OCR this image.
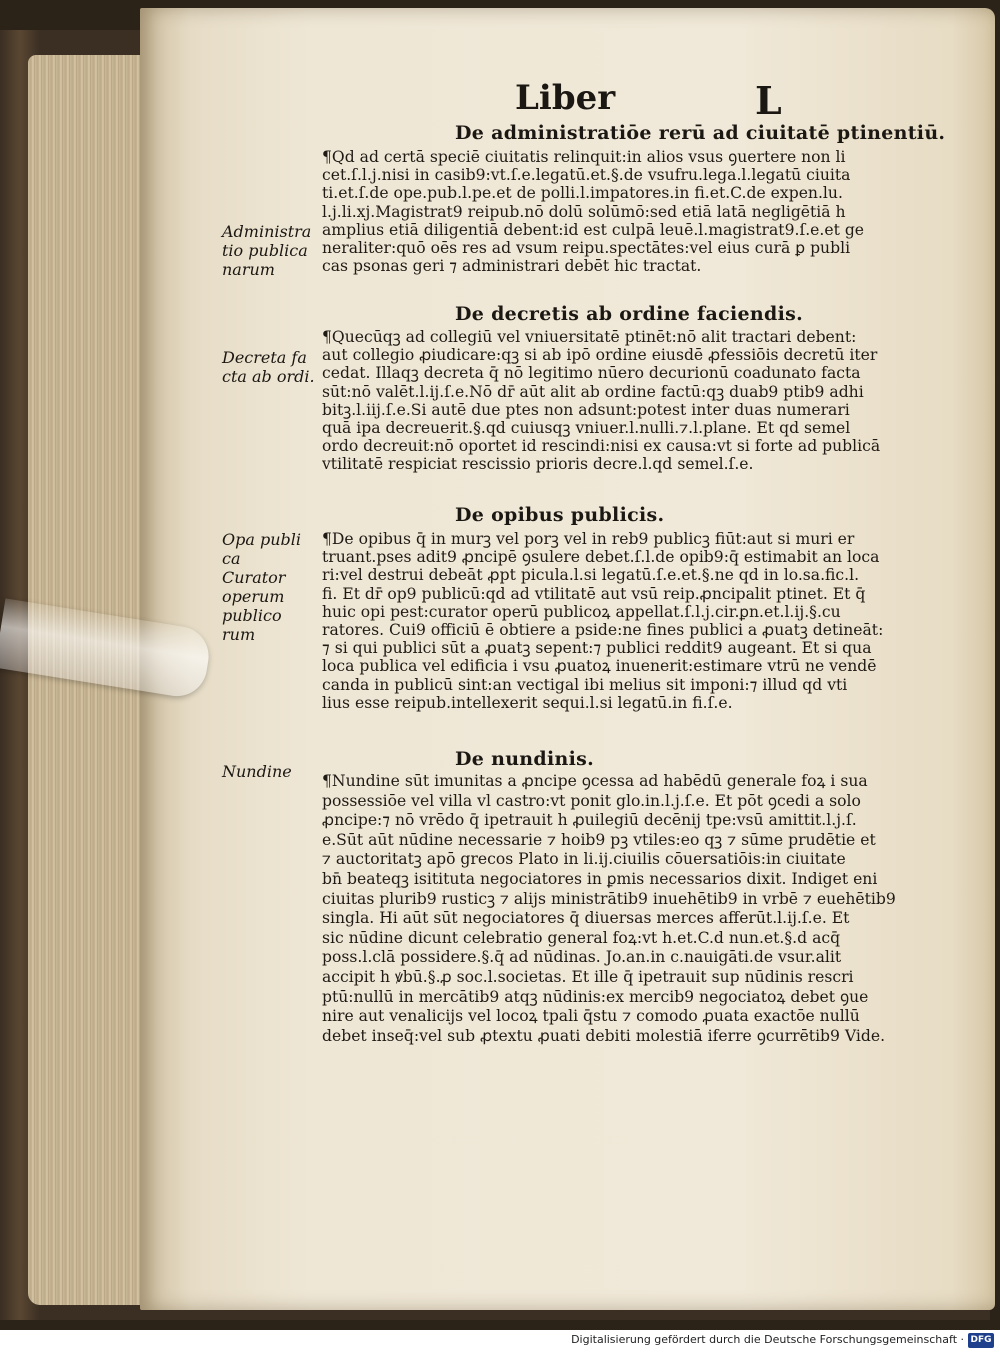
Liber	L
De administratiōe rerū ad ciuitatē ptinentiū.
¶Qd ad certā speciē ciuitatis relinquit̄:in alios vsus ꝯuertere non li
cet.ſ.l.j.nisi in casib9:vt.ſ.e.legatū.et.§.de vsufru.lega.l.legatū ciuita
ti.et.ſ.de ope.pub.l.pe.et de polli.l.impatores.in fi.et.C.de expen.lu.
l.j.li.xj.Magistrat9 reipub.nō dolū solūmō:sed etiā latā negligētiā h̄
amplius etiā diligentiā debent:id est culpā leuē.l.magistrat9.ſ.e.et ge
neraliter:quō oēs res ad vsum reipu.spectātes:vel eius curā ꝑ publi
cas psonas geri ⁊ administrari debēt hic tractat̄.
Administra
tio publica
narum
De decretis ab ordine faciendis.
¶Quecūqꝫ ad collegiū vel vniuersitatē ptinēt:nō alit̄ tractari debent:
aut collegio ꝓiudicare:qꝫ si ab ipō ordine eiusdē ꝓfessiōis decretū iter
cedat. Illaqꝫ decreta q̄ nō legitimo nūero decurionū coadunato facta
sūt:nō valēt.l.ij.ſ.e.Nō dr̄ aūt alit̄ ab ordine factū:qꝫ duab9 ptib9 adhi
bitꝫ.l.iij.ſ.e.Si autē due ptes non adsunt:potest inter duas numerari
quā ipa decreuerit.§.qd cuiusqꝫ vniuer.l.nulli.⁊.l.plane. Et qd semel
ordo decreuit:nō oportet id rescindi:nisi ex causa:vt si forte ad publicā
vtilitatē respiciat rescissio prioris decre.l.qd semel.ſ.e.
Decreta fa
cta ab ordi.
De opibus publicis.
¶De opibus q̄ in murꝫ vel porꝫ vel in reb9 publicꝫ fiūt:aut si muri er
truant̄.pses adit9 ꝓncipē ꝯsulere debet.ſ.l.de opib9:q̄ estimabit an loca
ri:vel destrui debeāt ꝓpt̄ picula.l.si legatū.ſ.e.et.§.ne qd in lo.sa.fic.l.
fi. Et dr̄ op9 publicū:qd ad vtilitatē aut vsū reip.ꝓncipalit̄ ptinet. Et q̄
huic opi pest:curator operū publicoꝝ appellat̄.ſ.l.j.cir.ꝑn.et.l.ij.§.cu
ratores. Cui9 officiū ē obtiere a pside:ne fines publici a ꝓuatꝫ detineāt:
⁊ si qui publici sūt a ꝓuatꝫ sepent̄:⁊ publici reddit9 augeant̄. Et si qua
loca publica vel edificia i vsu ꝓuatoꝝ inuenerit:estimare vtrū ne vendē
canda in publicū sint:an vectigal ibi melius sit imponi:⁊ illud qd vti
lius esse reipub.intellexerit sequi.l.si legatū.in fi.ſ.e.
Opa publi
ca
Curator
operum
publico
rum
De nundinis.
¶Nundine sūt imunitas a ꝓncipe ꝯcessa ad habēdū generale foꝝ i sua
possessiōe vel villa vl̄ castro:vt ponit glo.in.l.j.ſ.e. Et pōt ꝯcedi a solo
ꝓncipe:⁊ nō vrēdo q̄ ipetrauit h̄ ꝓuilegiū decēnij tpe:vsū amittit.l.j.ſ.
e.Sūt aūt nūdine necessarie ⁊ hoib9 pꝫ vtiles:eo qꝫ ⁊ sūme prudētie et
⁊ auctoritatꝫ apō grecos Plato in li.ij.ciuilis cōuersatiōis:in ciuitate
bn̄ beateqꝫ isitituta negociatores in ꝑmis necessarios dixit. Indiget eni
ciuitas plurib9 rusticꝫ ⁊ alijs ministrātib9 inuehētib9 in vrbē ⁊ euehētib9
singla. Hi aūt sūt negociatores q̄ diuersas merces afferūt.l.ij.ſ.e. Et
sic nūdine dicunt̄ celebratio general̄ foꝝ:vt h̄.et.C.d nun.et.§.d acq̄
poss.l.clā possidere.§.q̄ ad nūdinas. Jo.an.in c.nauigāti.de vsur.alit̄
accipit h̄ ꝟbū.§.ꝓ soc.l.societas. Et ille q̄ ipetrauit sup nūdinis rescri
ptū:nullū in mercātib9 atqꝫ nūdinis:ex mercib9 negociatoꝝ debet ꝯue
nire aut venalicijs vel locoꝝ tpali q̄stu ⁊ comodo ꝓuata exactōe nullū
debet inseq̄:vel sub ꝓtextu ꝓuati debiti molestiā iferre ꝯcurrētib9 Vide.
Nundine
Digitalisierung gefördert durch die Deutsche Forschungsgemeinschaft · DFG
